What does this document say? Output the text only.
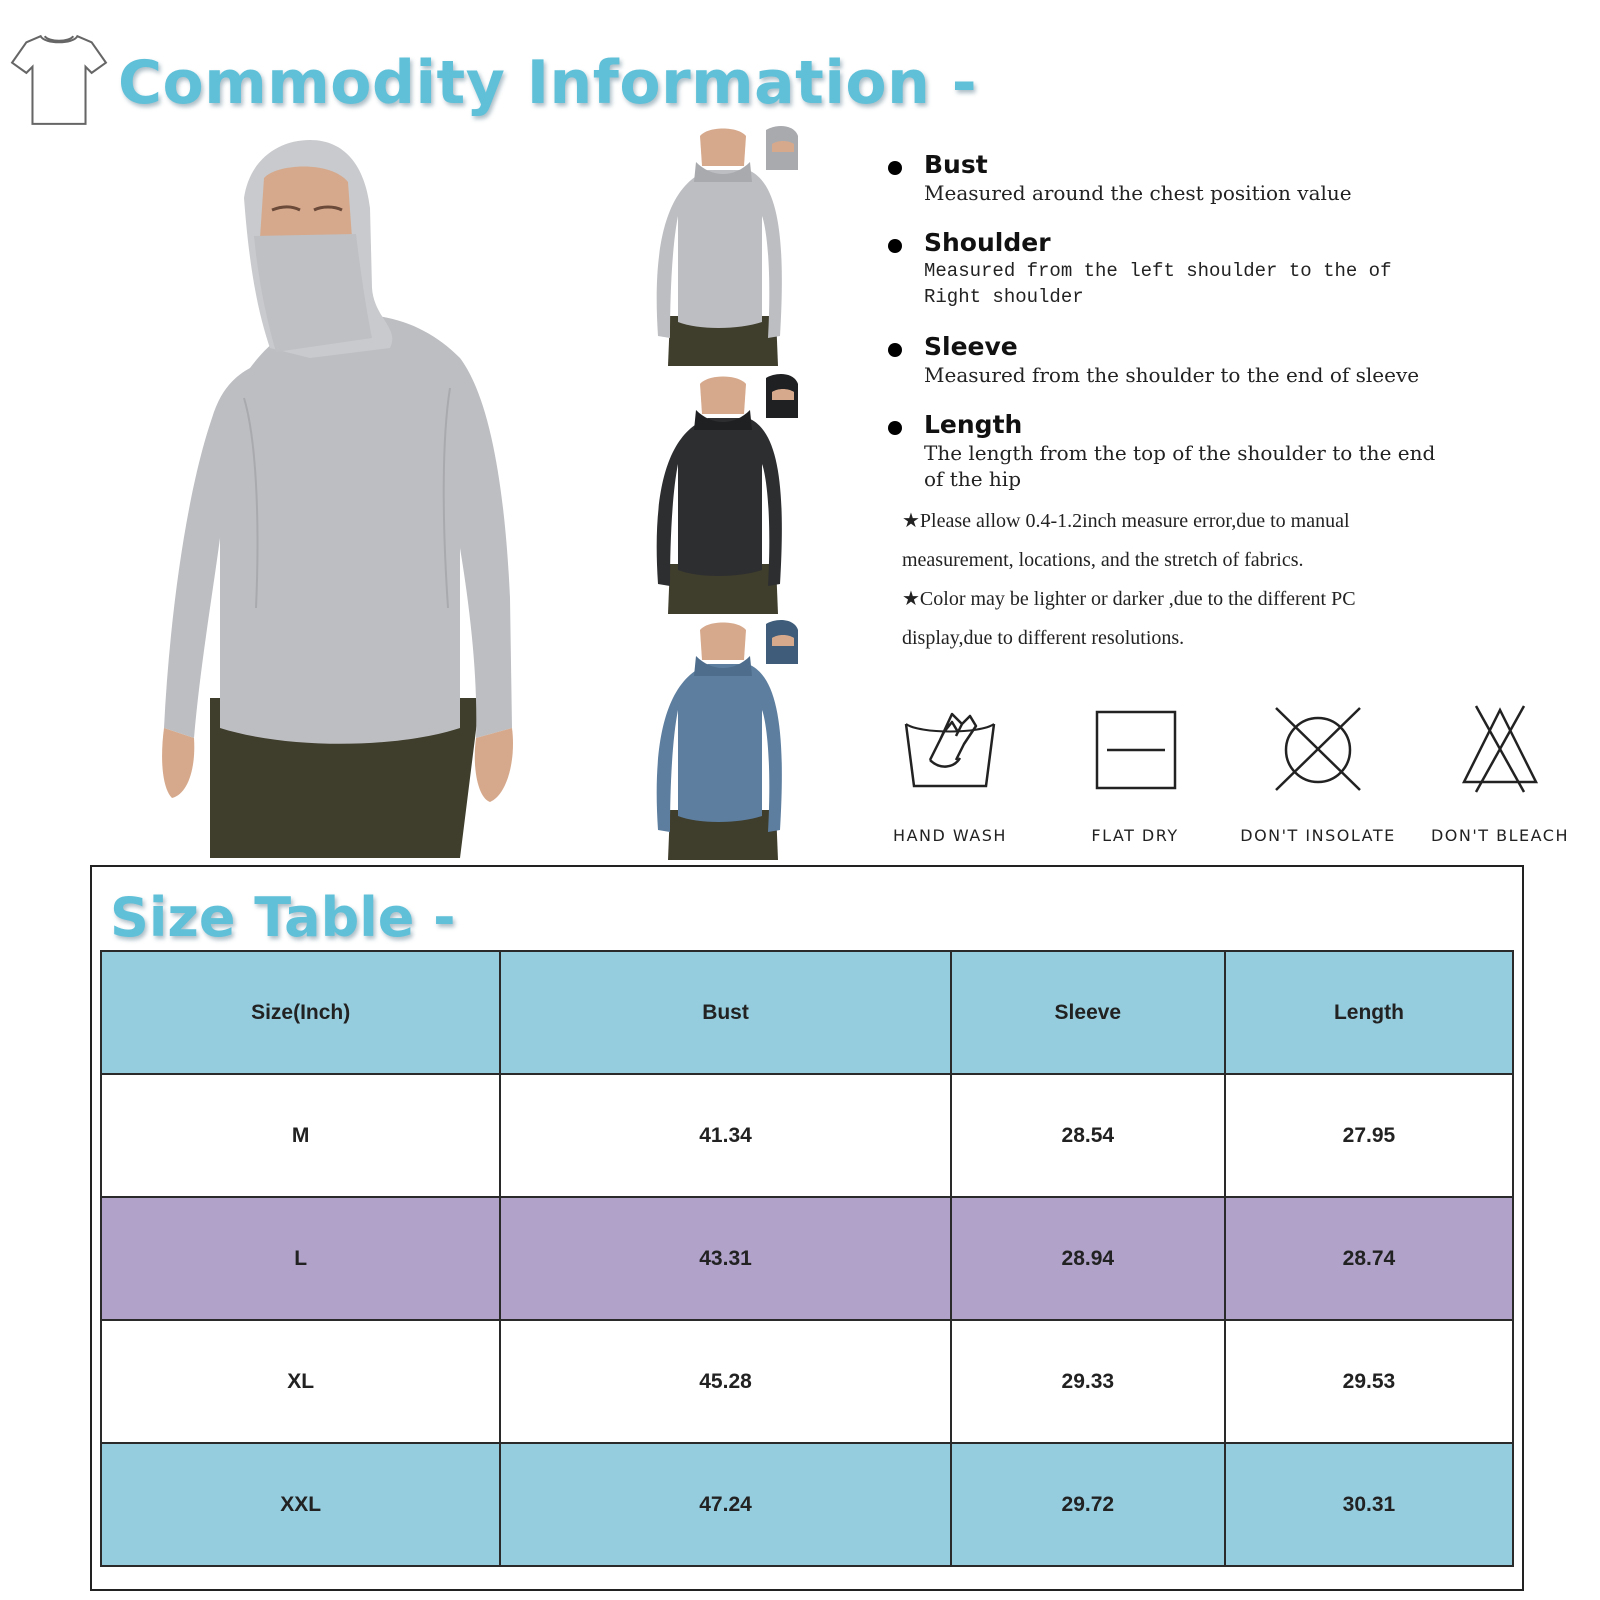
Commodity Information -
Bust
Measured around the chest position value
Shoulder
Measured from the left shoulder to the of Right shoulder
Sleeve
Measured from the shoulder to the end of sleeve
Length
The length from the top of the shoulder to the end of the hip

★Please allow 0.4-1.2inch measure error,due to manual measurement, locations, and the stretch of fabrics.

★Color may be lighter or darker ,due to the different PC display,due to different resolutions.

HAND WASH	FLAT DRY	DON'T INSOLATE	DON'T BLEACH
Size Table -
Size(Inch)	Bust	Sleeve	Length
M	41.34	28.54	27.95
L	43.31	28.94	28.74
XL	45.28	29.33	29.53
XXL	47.24	29.72	30.31
